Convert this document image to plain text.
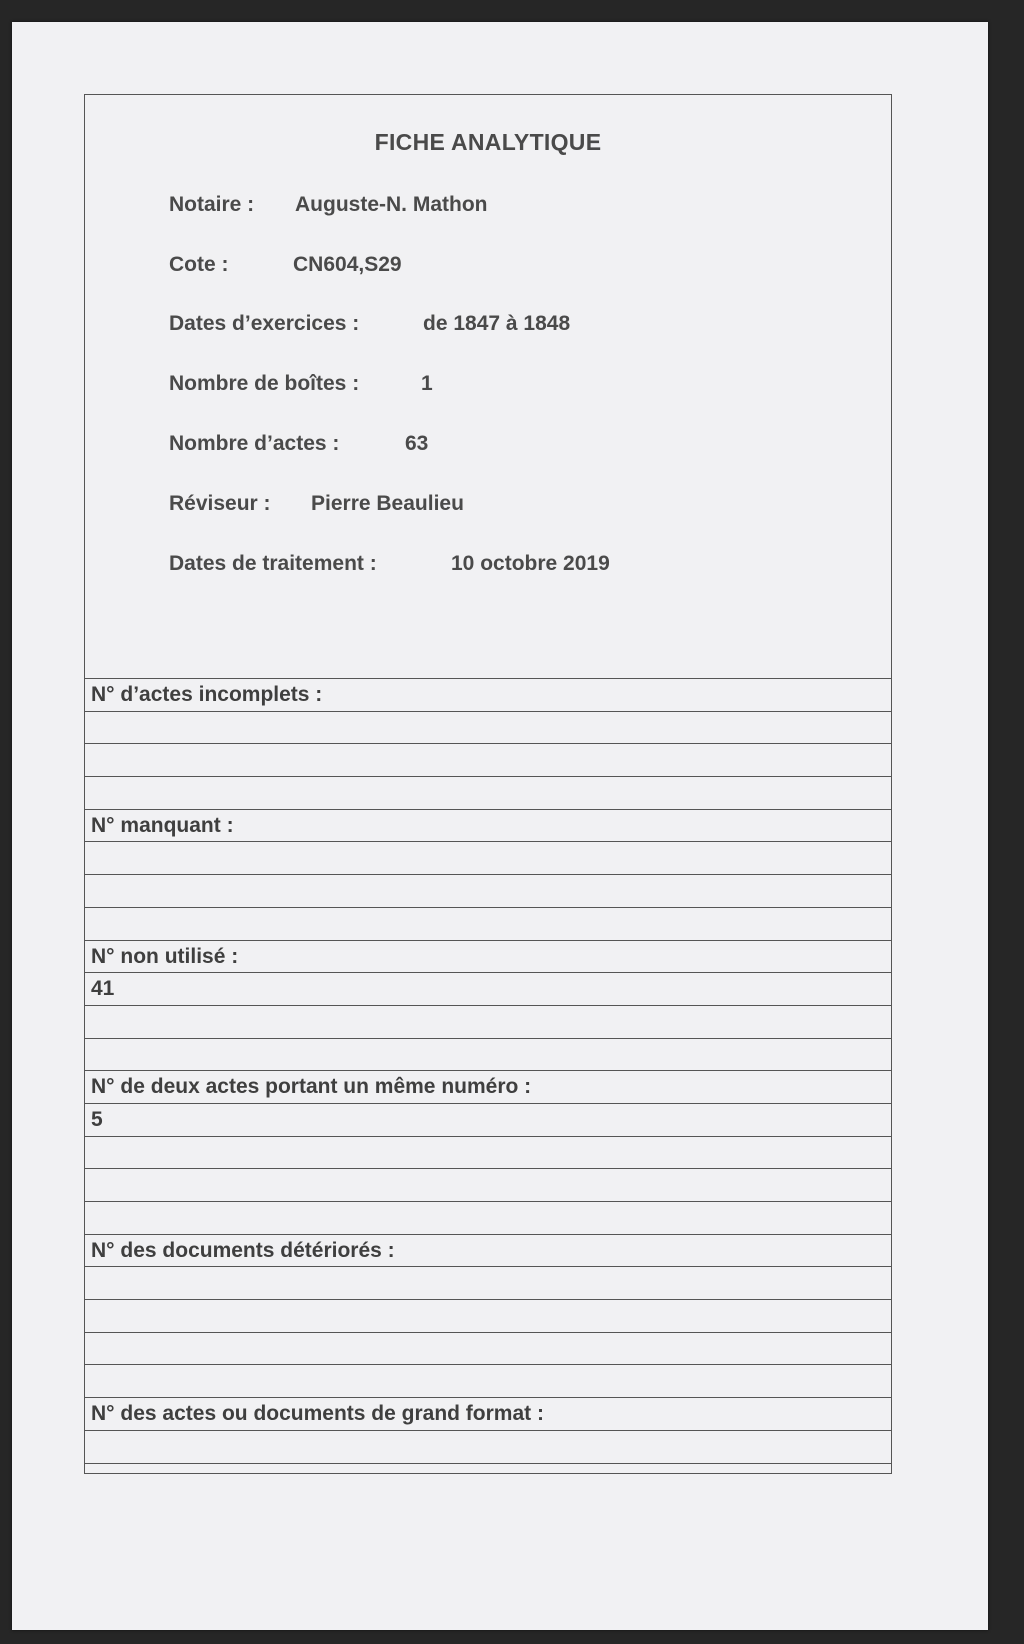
FICHE ANALYTIQUE
Notaire : Auguste-N. Mathon
Cote :	CN604,S29
Dates d’exercices :	de 1847 à 1848
Nombre de boîtes :	1
Nombre d’actes :	63
Réviseur : Pierre Beaulieu
Dates de traitement :	10 octobre 2019
N° d’actes incomplets :
N° manquant :
N° non utilisé :
41
N° de deux actes portant un même numéro :
5
N° des documents détériorés :
N° des actes ou documents de grand format :
